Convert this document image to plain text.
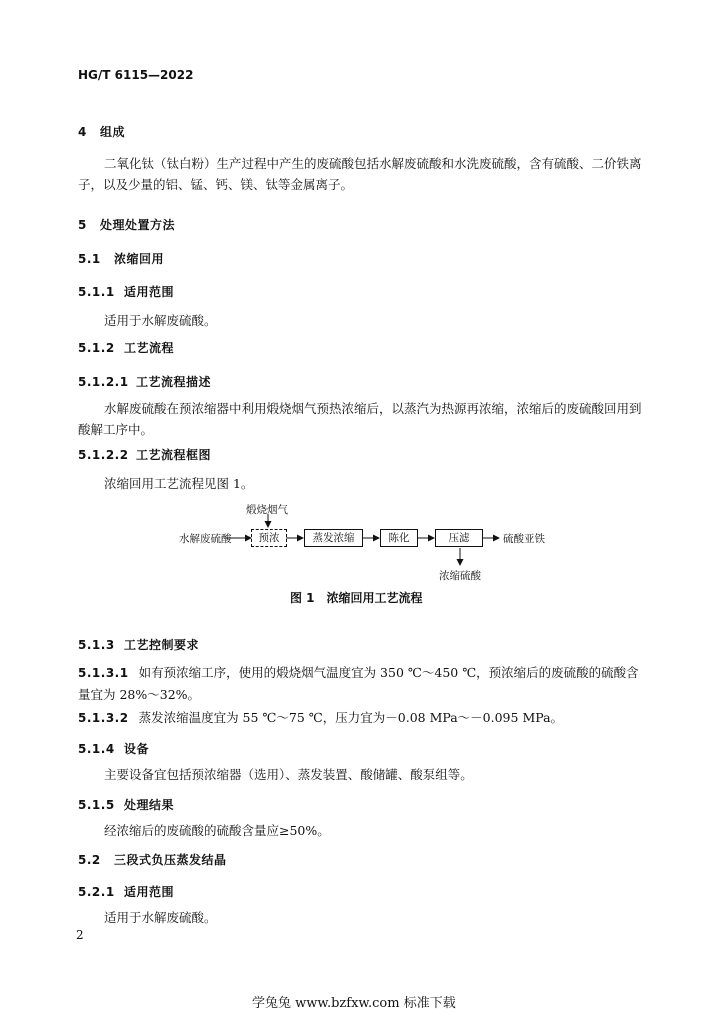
HG/T 6115—2022
4 组成
二氧化钛（钛白粉）生产过程中产生的废硫酸包括水解废硫酸和水洗废硫酸，含有硫酸、二价铁离子，以及少量的铝、锰、钙、镁、钛等金属离子。
5 处理处置方法
5.1 浓缩回用
5.1.1 适用范围
适用于水解废硫酸。
5.1.2 工艺流程
5.1.2.1 工艺流程描述
水解废硫酸在预浓缩器中利用煅烧烟气预热浓缩后，以蒸汽为热源再浓缩，浓缩后的废硫酸回用到酸解工序中。
5.1.2.2 工艺流程框图
浓缩回用工艺流程见图 1。
水解废硫酸
煅烧烟气
预浓	蒸发浓缩	陈化	压滤	硫酸亚铁
浓缩硫酸
图 1　浓缩回用工艺流程
5.1.3 工艺控制要求
5.1.3.1 如有预浓缩工序，使用的煅烧烟气温度宜为 350 ℃～450 ℃，预浓缩后的废硫酸的硫酸含量宜为 28%～32%。
5.1.3.2 蒸发浓缩温度宜为 55 ℃～75 ℃，压力宜为－0.08 MPa～－0.095 MPa。
5.1.4 设备
主要设备宜包括预浓缩器（选用）、蒸发装置、酸储罐、酸泵组等。
5.1.5 处理结果
经浓缩后的废硫酸的硫酸含量应≥50%。
5.2 三段式负压蒸发结晶
5.2.1 适用范围
适用于水解废硫酸。
2
学兔兔 www.bzfxw.com 标准下载
